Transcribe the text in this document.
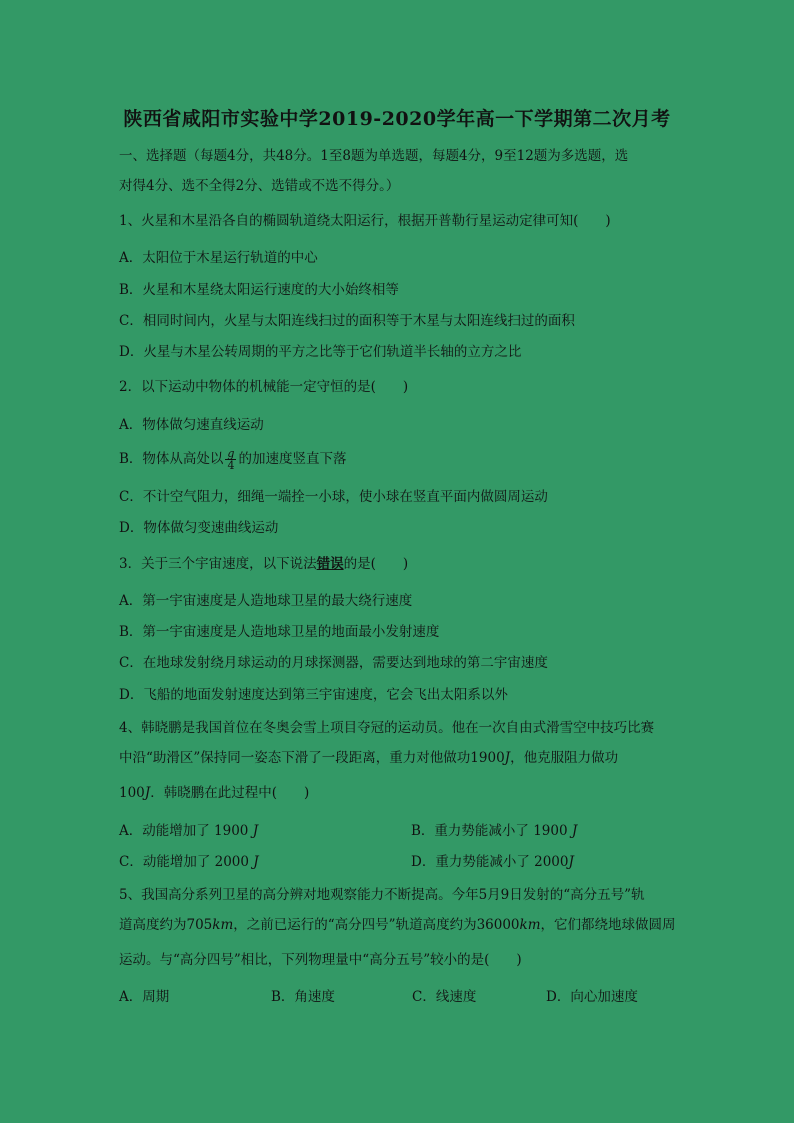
陕西省咸阳市实验中学2019-2020学年高一下学期第二次月考
一、选择题（每题4分，共48分。1至8题为单选题，每题4分，9至12题为多选题，选
对得4分、选不全得2分、选错或不选不得分。）
1、火星和木星沿各自的椭圆轨道绕太阳运行，根据开普勒行星运动定律可知(　　)
A．太阳位于木星运行轨道的中心
B．火星和木星绕太阳运行速度的大小始终相等
C．相同时间内，火星与太阳连线扫过的面积等于木星与太阳连线扫过的面积
D．火星与木星公转周期的平方之比等于它们轨道半长轴的立方之比
2．以下运动中物体的机械能一定守恒的是(　　)
A．物体做匀速直线运动
B．物体从高处以 $\frac{g}{4}$ 的加速度竖直下落
C．不计空气阻力，细绳一端拴一小球，使小球在竖直平面内做圆周运动
D．物体做匀变速曲线运动
3．关于三个宇宙速度，以下说法错误的是(　　)
A．第一宇宙速度是人造地球卫星的最大绕行速度
B．第一宇宙速度是人造地球卫星的地面最小发射速度
C．在地球发射绕月球运动的月球探测器，需要达到地球的第二宇宙速度
D．飞船的地面发射速度达到第三宇宙速度，它会飞出太阳系以外
4、韩晓鹏是我国首位在冬奥会雪上项目夺冠的运动员。他在一次自由式滑雪空中技巧比赛
中沿“助滑区”保持同一姿态下滑了一段距离，重力对他做功1900J，他克服阻力做功
100J．韩晓鹏在此过程中(　　)
A．动能增加了 1900 J	B．重力势能减小了 1900 J
C．动能增加了 2000 J	D．重力势能减小了 2000J
5、我国高分系列卫星的高分辨对地观察能力不断提高。今年5月9日发射的“高分五号”轨
道高度约为705km，之前已运行的“高分四号”轨道高度约为36000km，它们都绕地球做圆周
运动。与“高分四号”相比，下列物理量中“高分五号”较小的是(　　)
A．周期	B．角速度	C．线速度	D．向心加速度
